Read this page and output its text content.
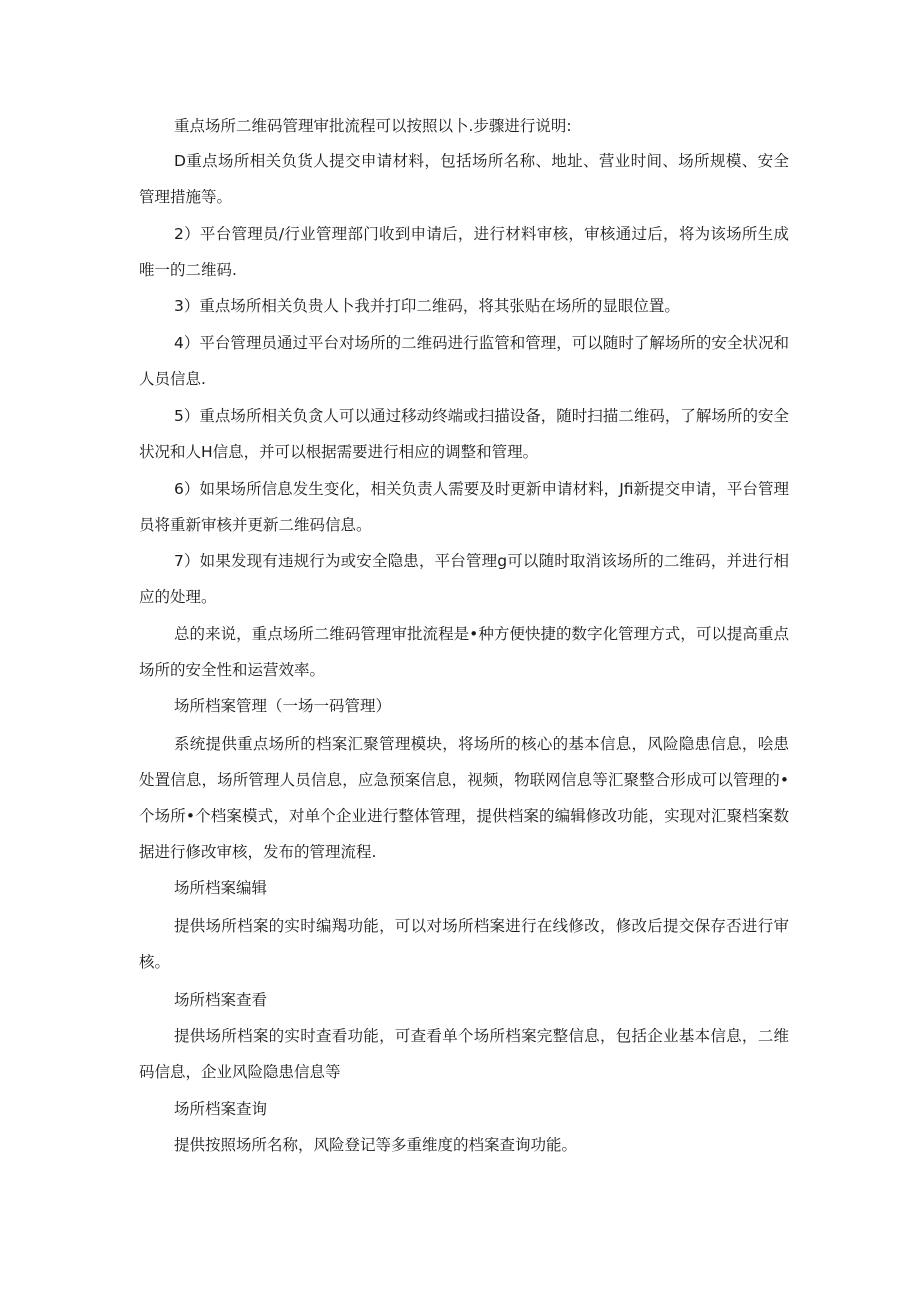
重点场所二维码管理审批流程可以按照以卜.步骤进行说明:

D重点场所相关负货人提交申请材料，包括场所名称、地址、营业时间、场所规模、安全管理措施等。

2）平台管理员/行业管理部门收到申请后，进行材料审核，审核通过后，将为该场所生成唯一的二维码.

3）重点场所相关负贵人卜我并打印二维码，将其张贴在场所的显眼位置。

4）平台管理员通过平台对场所的二维码进行监管和管理，可以随时了解场所的安全状况和人员信息.

5）重点场所相关负贪人可以通过移动终端或扫描设备，随时扫描二维码，了解场所的安全状况和人H信息，并可以根据需要进行相应的调整和管理。

6）如果场所信息发生变化，相关负责人需要及时更新申请材料，Jfi新提交申请，平台管理员将重新审核并更新二维码信息。

7）如果发现有违规行为或安全隐患，平台管理g可以随时取消该场所的二维码，并进行相应的处理。

总的来说，重点场所二维码管理审批流程是•种方便快捷的数字化管理方式，可以提高重点场所的安全性和运营效率。

场所档案管理（一场一码管理）

系统提供重点场所的档案汇聚管理模块，将场所的核心的基本信息，风险隐患信息，哙患处置信息，场所管理人员信息，应急预案信息，视频，物联网信息等汇聚整合形成可以管理的•个场所•个档案模式，对单个企业进行整体管理，提供档案的编辑修改功能，实现对汇聚档案数据进行修改审核，发布的管理流程.

场所档案编辑

提供场所档案的实时编羯功能，可以对场所档案进行在线修改，修改后提交保存否进行审核。

场所档案查看

提供场所档案的实时查看功能，可查看单个场所档案完整信息，包括企业基本信息，二维码信息，企业风险隐患信息等

场所档案查询

提供按照场所名称，风险登记等多重维度的档案查询功能。
